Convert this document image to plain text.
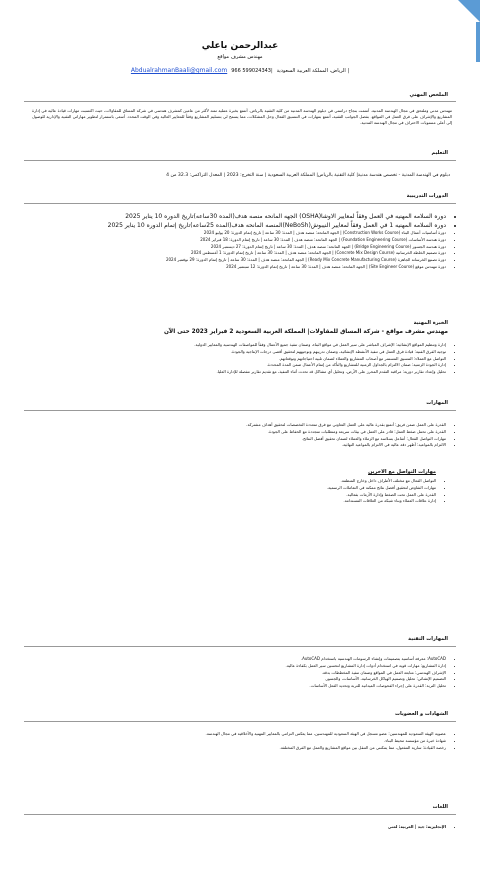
عبدالرحمن باعلي
مهندس مشرف مواقع
AbdualrahmanBaali@gmail.com 966 599024343| الرياض، المملكة العربية السعودية |
الملخص المهني
مهندس مدني وملتحق في مجال الهندسة المدنية. أتممت بنجاح دراستي في دبلوم الهندسة المدنية من كلية التقنية بالرياض. أتمتع بخبرة عملية تمتد لأكثر من عامين كمشرف هندسي في شركة المساق للمقاولات، حيث اكتسبت مهارات قيادة عالية في إدارة المشاريع والإشراف على فرق العمل في المواقع. بفضل الجوانب التقنية، أتمتع بمهارات في التنسيق الفعال وحل المشكلات، مما يسمح لي بتسليم المشاريع وفقاً للمعايير العالية وفي الوقت المحدد. أسعى باستمرار لتطوير مهاراتي التقنية والإدارية للوصول إلى أعلى مستويات الاحتراف في مجال الهندسة المدنية.
التعليم
دبلوم في الهندسة المدنية - تخصص هندسة مدنية| كلية التقنية بالرياض| المملكة العربية السعودية | سنة التخرج: 2023 | المعدل التراكمي: 32.3 من 4
الدورات التدريبية
• دوره السلامه المهنيه في العمل وفقاً لمعايير الاوشا(OSHA) الجهه المانحه منصه هدف(المده 30ساعه)تاريخ الدوره 10 يناير 2025
• دوره السلامه المهنيه 1 في العمل وفقاً لمعايير النيبوش(NeBoSh)المنصه المانحه هدف(المده 25ساعه)تاريخ إتمام الدوره 10 يناير 2025
• دورة أساسيات أعمال البناء (Construction Works Course) | الجهة المانحة: منصة هدف | المدة: 30 ساعة | تاريخ إتمام الدورة: 20 يوليو 2024
• دورة هندسة الأساسات (Foundation Engineering Course) | الجهة المانحة: منصة هدف | المدة: 30 ساعة | تاريخ إتمام الدورة: 18 فبراير 2024
• دورة هندسة الجسور (Bridge Engineering Course) | الجهة المانحة: منصة هدف | المدة: 30 ساعة | تاريخ إتمام الدورة: 27 ديسمبر 2024
• دورة تصميم الخلطة الخرسانية (Concrete Mix Design Course) | الجهة المانحة: منصة هدف | المدة: 30 ساعة | تاريخ إتمام الدورة: 1 أغسطس 2024
• دورة تصنيع الخرسانة الجاهزة (Ready Mix Concrete Manufacturing Course) | الجهة المانحة: منصة هدف | المدة: 30 ساعة | تاريخ إتمام الدورة: 29 نوفمبر 2024
• دورة مهندس موقع (Site Engineer Course) | الجهة المانحة: منصة هدف | المدة: 30 ساعة | تاريخ إتمام الدورة: 12 سبتمبر 2024
الخبرة المهنية
مهندس مشرف مواقع - شركة المساق للمقاولات| المملكة العربية السعودية 2 فبراير 2023 حتى الآن
• إدارة وتنظيم المواقع الإنشائية: الإشراف المباشر على سير العمل في مواقع البناء، وضمان تنفيذ جميع الأعمال وفقاً للمواصفات الهندسية والمعايير الدولية.
• توجيه الفرق الفنية: قيادة فرق العمل في تنفيذ الأنشطة الإنشائية، وضمان تدريبهم وتوجيههم لتحقيق أقصى درجات الإنتاجية والجودة.
• التواصل مع العملاء: التنسيق المستمر مع أصحاب المشاريع والعملاء لضمان تلبية احتياجاتهم وتوقعاتهم.
• إدارة الجودة الزمنية: ضمان الالتزام بالجداول الزمنية للمشاريع والتأكد من إتمام الأعمال ضمن المدة المحددة.
• تحليل وإعداد تقارير دورية: مراقبة التقدم المحرز على الأرض، وتحليل أي مشاكل قد تحدث أثناء التنفيذ، مع تقديم تقارير مفصلة للإدارة العليا.
المهارات
• القدرة على العمل ضمن فريق: أتمتع بقدرة عالية على العمل التعاوني مع فرق متعددة التخصصات لتحقيق أهداف مشتركة.
• القدرة على تحمل ضغط العمل: قادر على العمل في بيئات سريعة ومتطلبات متجددة مع الحفاظ على الجودة.
• مهارات التواصل الفعال: أتفاعل بسلاسة مع الزملاء والعملاء لضمان تحقيق أفضل النتائج.
• الالتزام بالمواعيد: أظهر دقة عالية في الالتزام بالمواعيد النهائية.
مهارات التواصل مع الاخرين
• التواصل الفعال مع مختلف الأطراف داخل وخارج المنظمة.
• مهارات التفاوض لتحقيق أفضل نتائج ممكنة في التعاملات الرسمية.
• القدرة على العمل تحت الضغط وإدارة الأزمات بفعالية.
• إدارة علاقات العملاء وبناء شبكة من العلاقات المستدامة.
المهارات التقنية
• AutoCAD: معرفة أساسية بتصميمات وإنشاء الرسومات الهندسية باستخدام AutoCAD.
• إدارة المشاريع: مهارات قوية في استخدام أدوات إدارة المشاريع لتحسين سير العمل بكفاءة عالية.
• الإشراف الهندسي: متابعة العمل في المواقع وضمان تنفيذ المخططات بدقة.
• التصميم الإنشائي: تحليل وتصميم الهياكل الخرسانية، الأساسات، والجسور.
• تحليل التربة: القدرة على إجراء الفحوصات الميدانية للتربة وتحديد الفعل الأساسات.
الشهادات و العضويات
• عضوية الهيئة السعودية للمهندسين: عضو مسجل في الهيئة السعودية للمهندسين، مما يعكس التزامي بالمعايير المهنية والأخلاقية في مجال الهندسة.
• شهادة خبرة من مؤسسة محيط البناء.
• رخصة القيادة: سارية المفعول، مما يمكنني من التنقل بين مواقع المشاريع والعمل مع الفرق المختلفة.
اللغات
• الإنجليزية: جيد | العربية: لغتي
